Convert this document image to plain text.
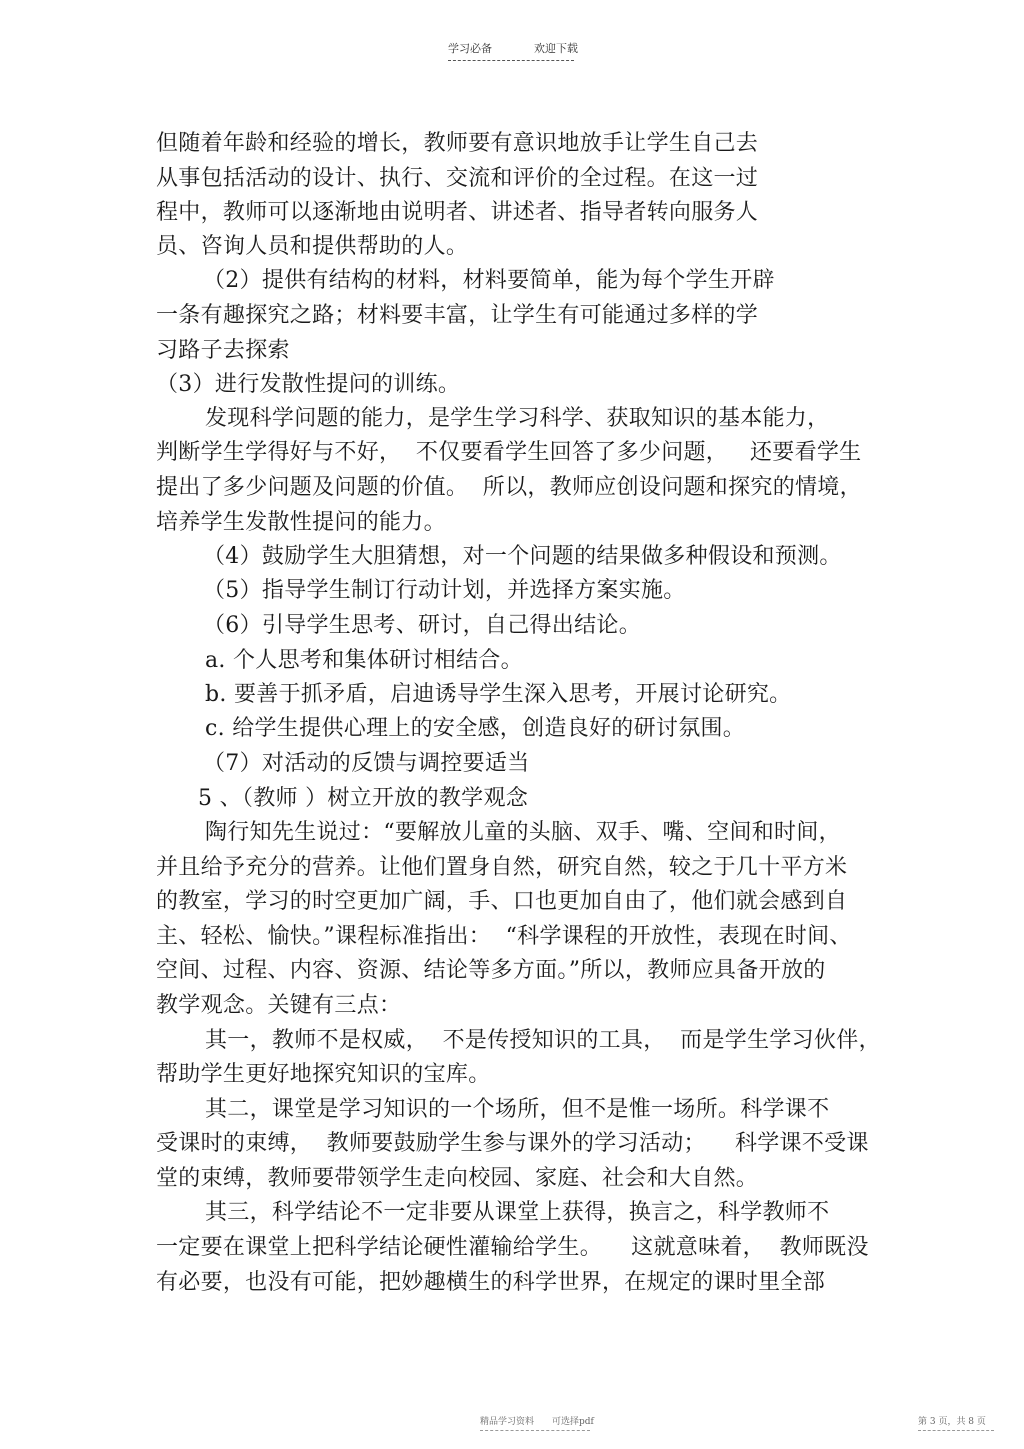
学习必备	欢迎下载
但随着年龄和经验的增长，教师要有意识地放手让学生自己去
从事包括活动的设计、执行、交流和评价的全过程。在这一过
程中，教师可以逐渐地由说明者、讲述者、指导者转向服务人
员、咨询人员和提供帮助的人。
（2）提供有结构的材料，材料要简单，能为每个学生开辟
一条有趣探究之路；材料要丰富，让学生有可能通过多样的学
习路子去探索
（3）进行发散性提问的训练。
发现科学问题的能力，是学生学习科学、获取知识的基本能力，
判断学生学得好与不好，  不仅要看学生回答了多少问题，   还要看学生
提出了多少问题及问题的价值。  所以，教师应创设问题和探究的情境，
培养学生发散性提问的能力。
（4）鼓励学生大胆猜想，对一个问题的结果做多种假设和预测。
（5）指导学生制订行动计划，并选择方案实施。
（6）引导学生思考、研讨，自己得出结论。
a. 个人思考和集体研讨相结合。
b. 要善于抓矛盾，启迪诱导学生深入思考，开展讨论研究。
c. 给学生提供心理上的安全感，创造良好的研讨氛围。
（7）对活动的反馈与调控要适当
5 、（教师 ）树立开放的教学观念
陶行知先生说过：“要解放儿童的头脑、双手、嘴、空间和时间，
并且给予充分的营养。让他们置身自然，研究自然，较之于几十平方米
的教室，学习的时空更加广阔，手、口也更加自由了，他们就会感到自
主、轻松、愉快。”课程标准指出：  “科学课程的开放性，表现在时间、
空间、过程、内容、资源、结论等多方面。”所以，教师应具备开放的
教学观念。关键有三点：
其一，教师不是权威，  不是传授知识的工具，  而是学生学习伙伴，
帮助学生更好地探究知识的宝库。
其二，课堂是学习知识的一个场所，但不是惟一场所。科学课不
受课时的束缚，  教师要鼓励学生参与课外的学习活动；    科学课不受课
堂的束缚，教师要带领学生走向校园、家庭、社会和大自然。
其三，科学结论不一定非要从课堂上获得，换言之，科学教师不
一定要在课堂上把科学结论硬性灌输给学生。    这就意味着，  教师既没
有必要，也没有可能，把妙趣横生的科学世界，在规定的课时里全部
精品学习资料 可选择pdf	第 3 页，共 8 页
